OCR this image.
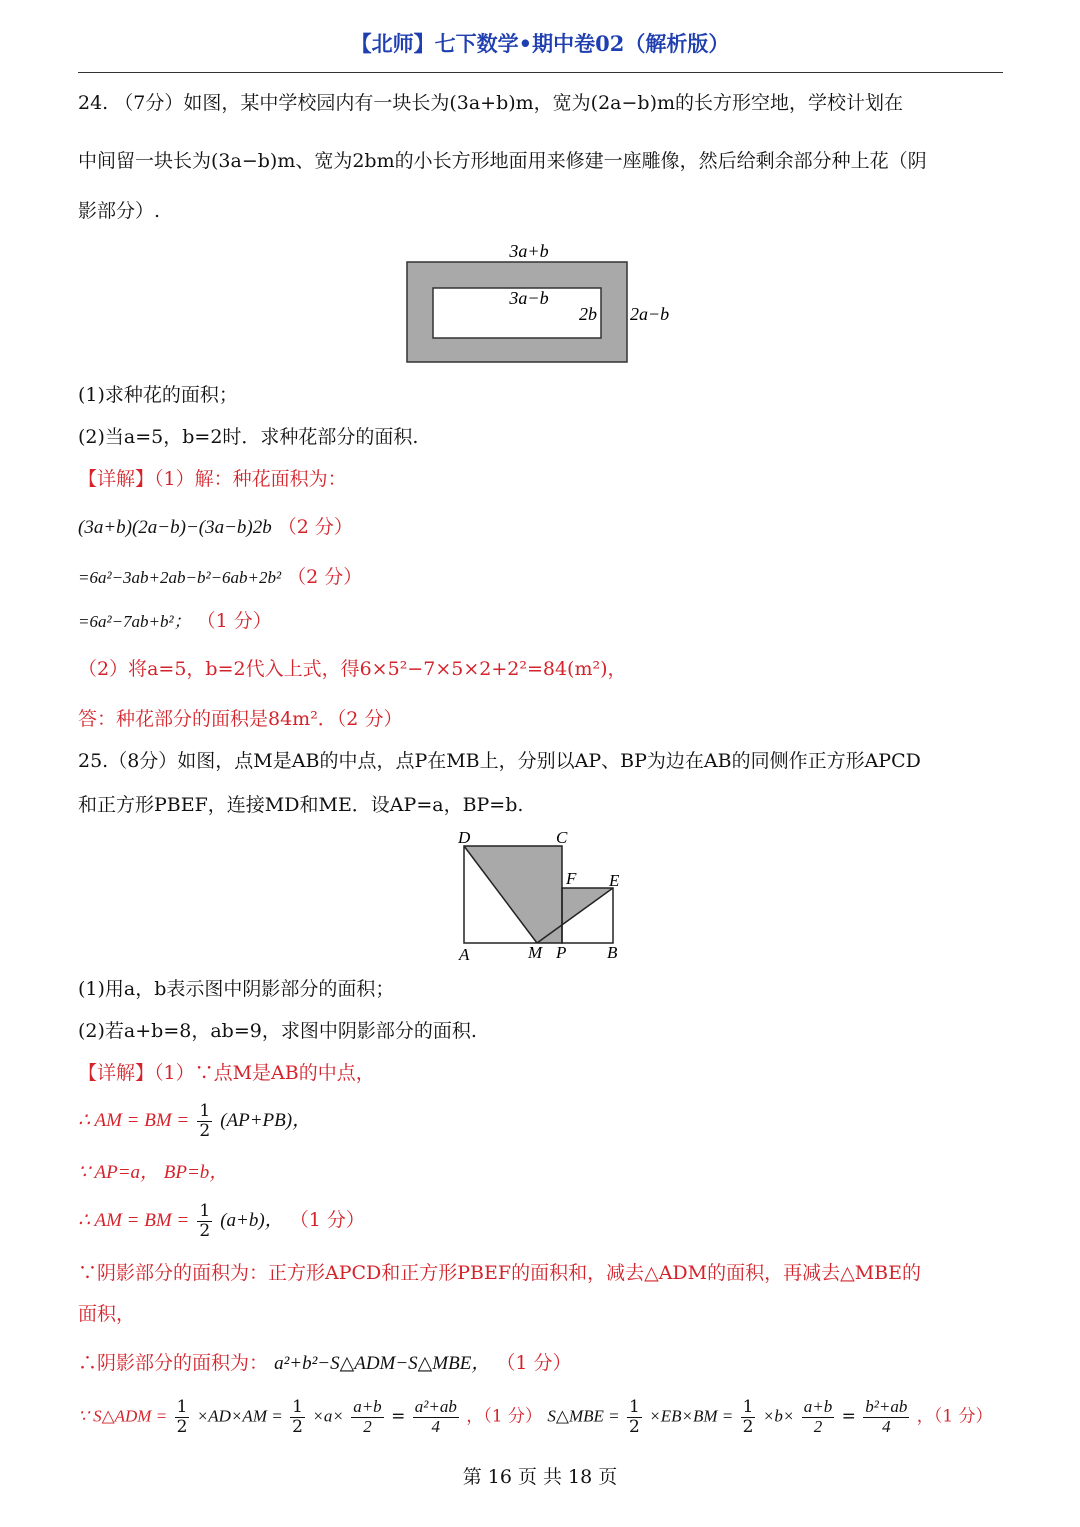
【北师】七下数学•期中卷02（解析版）
24. （7分）如图，某中学校园内有一块长为(3a+b)m，宽为(2a−b)m的长方形空地，学校计划在
中间留一块长为(3a−b)m、宽为2bm的小长方形地面用来修建一座雕像，然后给剩余部分种上花（阴
影部分）.
3a+b
3a−b
2b 2a−b
(1)求种花的面积；
(2)当a=5，b=2时．求种花部分的面积.
【详解】（1）解：种花面积为：
(3a+b)(2a−b)−(3a−b)2b （2 分）
=6a²−3ab+2ab−b²−6ab+2b² （2 分）
=6a²−7ab+b²； （1 分）
（2）将a=5，b=2代入上式，得6×5²−7×5×2+2²=84(m²)，
答：种花部分的面积是84m²．（2 分）
25.（8分）如图，点M是AB的中点，点P在MB上，分别以AP、BP为边在AB的同侧作正方形APCD
和正方形PBEF，连接MD和ME．设AP=a，BP=b.
D	C
F E
A	M P B
(1)用a，b表示图中阴影部分的面积；
(2)若a+b=8，ab=9，求图中阴影部分的面积.
【详解】（1）∵点M是AB的中点，
∴ AM = BM = $\frac{1}{2} (AP+PB)$，
∵ AP=a， BP=b，
∴ AM = BM = $\frac{1}{2} (a+b)$， （1 分）
∵阴影部分的面积为：正方形APCD和正方形PBEF的面积和，减去△ADM的面积，再减去△MBE的
面积，
∴阴影部分的面积为： a²+b²−S△ADM−S△MBE， （1 分）
∵ S△ADM = $\frac{1}{2} \times AD\times AM = \frac{1}{2} \times a\times \frac{a+b}{2} = \frac{\text{a²+ab}}{4}$ ，（1 分） S△MBE = $\frac{1}{2} \times EB\times BM = \frac{1}{2} \times b\times \frac{a+b}{2} = \frac{\text{b²+ab}}{4}$ ，（1 分）
第 16 页 共 18 页
